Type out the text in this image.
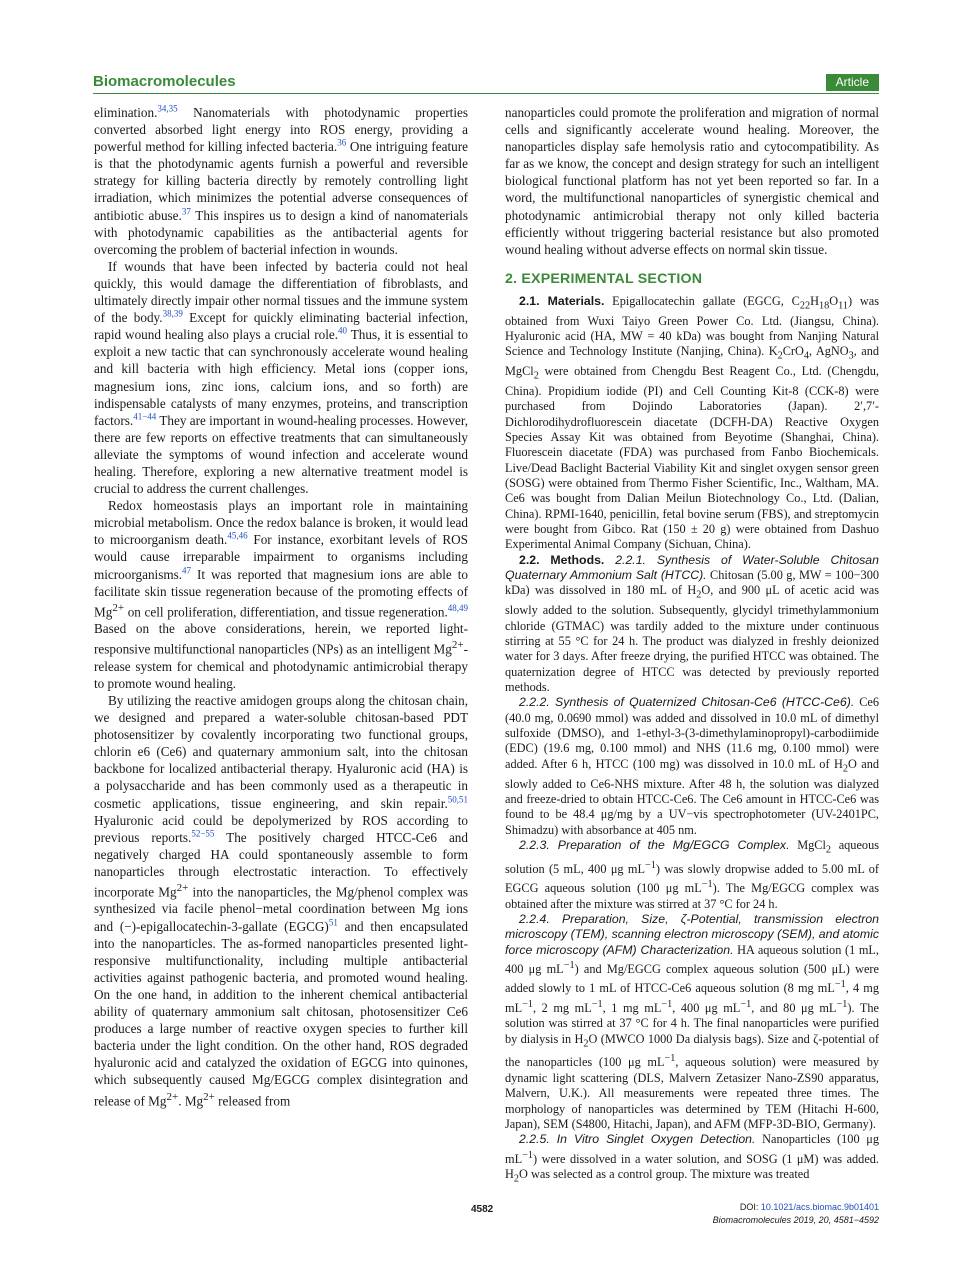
Biomacromolecules	Article

elimination.$^{34,35}$ Nanomaterials with photodynamic properties converted absorbed light energy into ROS energy, providing a powerful method for killing infected bacteria.$^{36}$ One intriguing feature is that the photodynamic agents furnish a powerful and reversible strategy for killing bacteria directly by remotely controlling light irradiation, which minimizes the potential adverse consequences of antibiotic abuse.$^{37}$ This inspires us to design a kind of nanomaterials with photodynamic capabilities as the antibacterial agents for overcoming the problem of bacterial infection in wounds.

If wounds that have been infected by bacteria could not heal quickly, this would damage the differentiation of fibroblasts, and ultimately directly impair other normal tissues and the immune system of the body.$^{38,39}$ Except for quickly eliminating bacterial infection, rapid wound healing also plays a crucial role.$^{40}$ Thus, it is essential to exploit a new tactic that can synchronously accelerate wound healing and kill bacteria with high efficiency. Metal ions (copper ions, magnesium ions, zinc ions, calcium ions, and so forth) are indispensable catalysts of many enzymes, proteins, and transcription factors.$^{41-44}$ They are important in wound-healing processes. However, there are few reports on effective treatments that can simultaneously alleviate the symptoms of wound infection and accelerate wound healing. Therefore, exploring a new alternative treatment model is crucial to address the current challenges.

Redox homeostasis plays an important role in maintaining microbial metabolism. Once the redox balance is broken, it would lead to microorganism death.$^{45,46}$ For instance, exorbitant levels of ROS would cause irreparable impairment to organisms including microorganisms.$^{47}$ It was reported that magnesium ions are able to facilitate skin tissue regeneration because of the promoting effects of $Mg^{2+}$ on cell proliferation, differentiation, and tissue regeneration.$^{48,49}$ Based on the above considerations, herein, we reported light-responsive multifunctional nanoparticles (NPs) as an intelligent $Mg^{2+}$-release system for chemical and photodynamic antimicrobial therapy to promote wound healing.

By utilizing the reactive amidogen groups along the chitosan chain, we designed and prepared a water-soluble chitosan-based PDT photosensitizer by covalently incorporating two functional groups, chlorin e6 (Ce6) and quaternary ammonium salt, into the chitosan backbone for localized antibacterial therapy. Hyaluronic acid (HA) is a polysaccharide and has been commonly used as a therapeutic in cosmetic applications, tissue engineering, and skin repair.$^{50,51}$ Hyaluronic acid could be depolymerized by ROS according to previous reports.$^{52-55}$ The positively charged HTCC-Ce6 and negatively charged HA could spontaneously assemble to form nanoparticles through electrostatic interaction. To effectively incorporate $Mg^{2+}$ into the nanoparticles, the Mg/phenol complex was synthesized via facile phenol−metal coordination between Mg ions and (−)-epigallocatechin-3-gallate (EGCG)$^{51}$ and then encapsulated into the nanoparticles. The as-formed nanoparticles presented light-responsive multifunctionality, including multiple antibacterial activities against pathogenic bacteria, and promoted wound healing. On the one hand, in addition to the inherent chemical antibacterial ability of quaternary ammonium salt chitosan, photosensitizer Ce6 produces a large number of reactive oxygen species to further kill bacteria under the light condition. On the other hand, ROS degraded hyaluronic acid and catalyzed the oxidation of EGCG into quinones, which subsequently caused Mg/EGCG complex disintegration and release of $Mg^{2+}$. $Mg^{2+}$ released from

nanoparticles could promote the proliferation and migration of normal cells and significantly accelerate wound healing. Moreover, the nanoparticles display safe hemolysis ratio and cytocompatibility. As far as we know, the concept and design strategy for such an intelligent biological functional platform has not yet been reported so far. In a word, the multifunctional nanoparticles of synergistic chemical and photodynamic antimicrobial therapy not only killed bacteria efficiently without triggering bacterial resistance but also promoted wound healing without adverse effects on normal skin tissue.

2. EXPERIMENTAL SECTION

2.1. Materials. Epigallocatechin gallate (EGCG, $C_{22}H_{18}O_{11}$) was obtained from Wuxi Taiyo Green Power Co. Ltd. (Jiangsu, China). Hyaluronic acid (HA, MW = 40 kDa) was bought from Nanjing Natural Science and Technology Institute (Nanjing, China). $K_2CrO_4$, AgNO$_3$, and MgCl$_2$ were obtained from Chengdu Best Reagent Co., Ltd. (Chengdu, China). Propidium iodide (PI) and Cell Counting Kit-8 (CCK-8) were purchased from Dojindo Laboratories (Japan). 2′,7′-Dichlorodihydrofluorescein diacetate (DCFH-DA) Reactive Oxygen Species Assay Kit was obtained from Beyotime (Shanghai, China). Fluorescein diacetate (FDA) was purchased from Fanbo Biochemicals. Live/Dead Baclight Bacterial Viability Kit and singlet oxygen sensor green (SOSG) were obtained from Thermo Fisher Scientific, Inc., Waltham, MA. Ce6 was bought from Dalian Meilun Biotechnology Co., Ltd. (Dalian, China). RPMI-1640, penicillin, fetal bovine serum (FBS), and streptomycin were bought from Gibco. Rat (150 ± 20 g) were obtained from Dashuo Experimental Animal Company (Sichuan, China).

2.2. Methods. 2.2.1. Synthesis of Water-Soluble Chitosan Quaternary Ammonium Salt (HTCC). Chitosan (5.00 g, MW = 100−300 kDa) was dissolved in 180 mL of $H_2O$, and 900 μL of acetic acid was slowly added to the solution. Subsequently, glycidyl trimethylammonium chloride (GTMAC) was tardily added to the mixture under continuous stirring at 55 °C for 24 h. The product was dialyzed in freshly deionized water for 3 days. After freeze drying, the purified HTCC was obtained. The quaternization degree of HTCC was detected by previously reported methods.

2.2.2. Synthesis of Quaternized Chitosan-Ce6 (HTCC-Ce6). Ce6 (40.0 mg, 0.0690 mmol) was added and dissolved in 10.0 mL of dimethyl sulfoxide (DMSO), and 1-ethyl-3-(3-dimethylaminopropyl)-carbodiimide (EDC) (19.6 mg, 0.100 mmol) and NHS (11.6 mg, 0.100 mmol) were added. After 6 h, HTCC (100 mg) was dissolved in 10.0 mL of $H_2O$ and slowly added to Ce6-NHS mixture. After 48 h, the solution was dialyzed and freeze-dried to obtain HTCC-Ce6. The Ce6 amount in HTCC-Ce6 was found to be 48.4 μg/mg by a UV−vis spectrophotometer (UV-2401PC, Shimadzu) with absorbance at 405 nm.

2.2.3. Preparation of the Mg/EGCG Complex. MgCl$_2$ aqueous solution (5 mL, 400 μg $mL^{-1}$) was slowly dropwise added to 5.00 mL of EGCG aqueous solution (100 μg $mL^{-1}$). The Mg/EGCG complex was obtained after the mixture was stirred at 37 °C for 24 h.

2.2.4. Preparation, Size, ζ-Potential, transmission electron microscopy (TEM), scanning electron microscopy (SEM), and atomic force microscopy (AFM) Characterization. HA aqueous solution (1 mL, 400 μg $mL^{-1}$) and Mg/EGCG complex aqueous solution (500 μL) were added slowly to 1 mL of HTCC-Ce6 aqueous solution (8 mg $mL^{-1}$, 4 mg $mL^{-1}$, 2 mg $mL^{-1}$, 1 mg $mL^{-1}$, 400 μg $mL^{-1}$, and 80 μg $mL^{-1}$). The solution was stirred at 37 °C for 4 h. The final nanoparticles were purified by dialysis in $H_2O$ (MWCO 1000 Da dialysis bags). Size and ζ-potential of the nanoparticles (100 μg $mL^{-1}$, aqueous solution) were measured by dynamic light scattering (DLS, Malvern Zetasizer Nano-ZS90 apparatus, Malvern, U.K.). All measurements were repeated three times. The morphology of nanoparticles was determined by TEM (Hitachi H-600, Japan), SEM (S4800, Hitachi, Japan), and AFM (MFP-3D-BIO, Germany).

2.2.5. In Vitro Singlet Oxygen Detection. Nanoparticles (100 μg $mL^{-1}$) were dissolved in a water solution, and SOSG (1 μM) was added. $H_2O$ was selected as a control group. The mixture was treated

4582	DOI: 10.1021/acs.biomac.9b01401
Biomacromolecules 2019, 20, 4581−4592
